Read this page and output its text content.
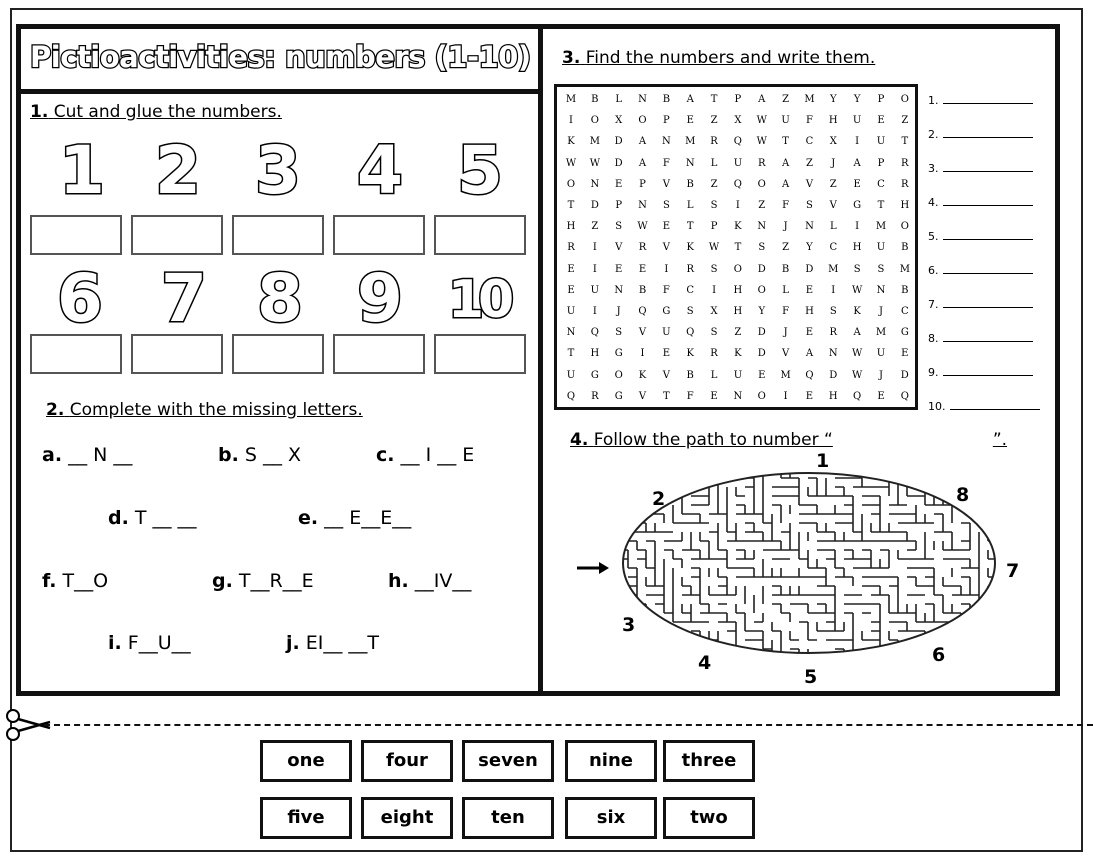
Pictioactivities: numbers (1-10)
1. Cut and glue the numbers.
1 2 3 4 5
6 7 8 9 10
2. Complete with the missing letters.
a. __ N __	b. S __ X	c. __ I __ E
d. T __ __	e. __ E__E__
f. T__O	g. T__R__E	h. __IV__
i. F__U__	j. EI__ __T
3. Find the numbers and write them.
M	B	L	N	B	A	T	P	A	Z	M	Y	Y	P	O
I	O	X	O	P	E	Z	X	W	U	F	H	U	E	Z
K	M	D	A	N	M	R	Q	W	T	C	X	I	U	T
W	W	D	A	F	N	L	U	R	A	Z	J	A	P	R
O	N	E	P	V	B	Z	Q	O	A	V	Z	E	C	R
T	D	P	N	S	L	S	I	Z	F	S	V	G	T	H
H	Z	S	W	E	T	P	K	N	J	N	L	I	M	O
R	I	V	R	V	K	W	T	S	Z	Y	C	H	U	B
E	I	E	E	I	R	S	O	D	B	D	M	S	S	M
E	U	N	B	F	C	I	H	O	L	E	I	W	N	B
U	I	J	Q	G	S	X	H	Y	F	H	S	K	J	C
N	Q	S	V	U	Q	S	Z	D	J	E	R	A	M	G
T	H	G	I	E	K	R	K	D	V	A	N	W	U	E
U	G	O	K	V	B	L	U	E	M	Q	D	W	J	D
Q	R	G	V	T	F	E	N	O	I	E	H	Q	E	Q
1.
2.
3.
4.
5.
6.
7.
8.
9.
10.
4. Follow the path to number “	”.
1
2	8
7
6
5
4
3
one	four	seven	nine	three
five	eight	ten	six	two
